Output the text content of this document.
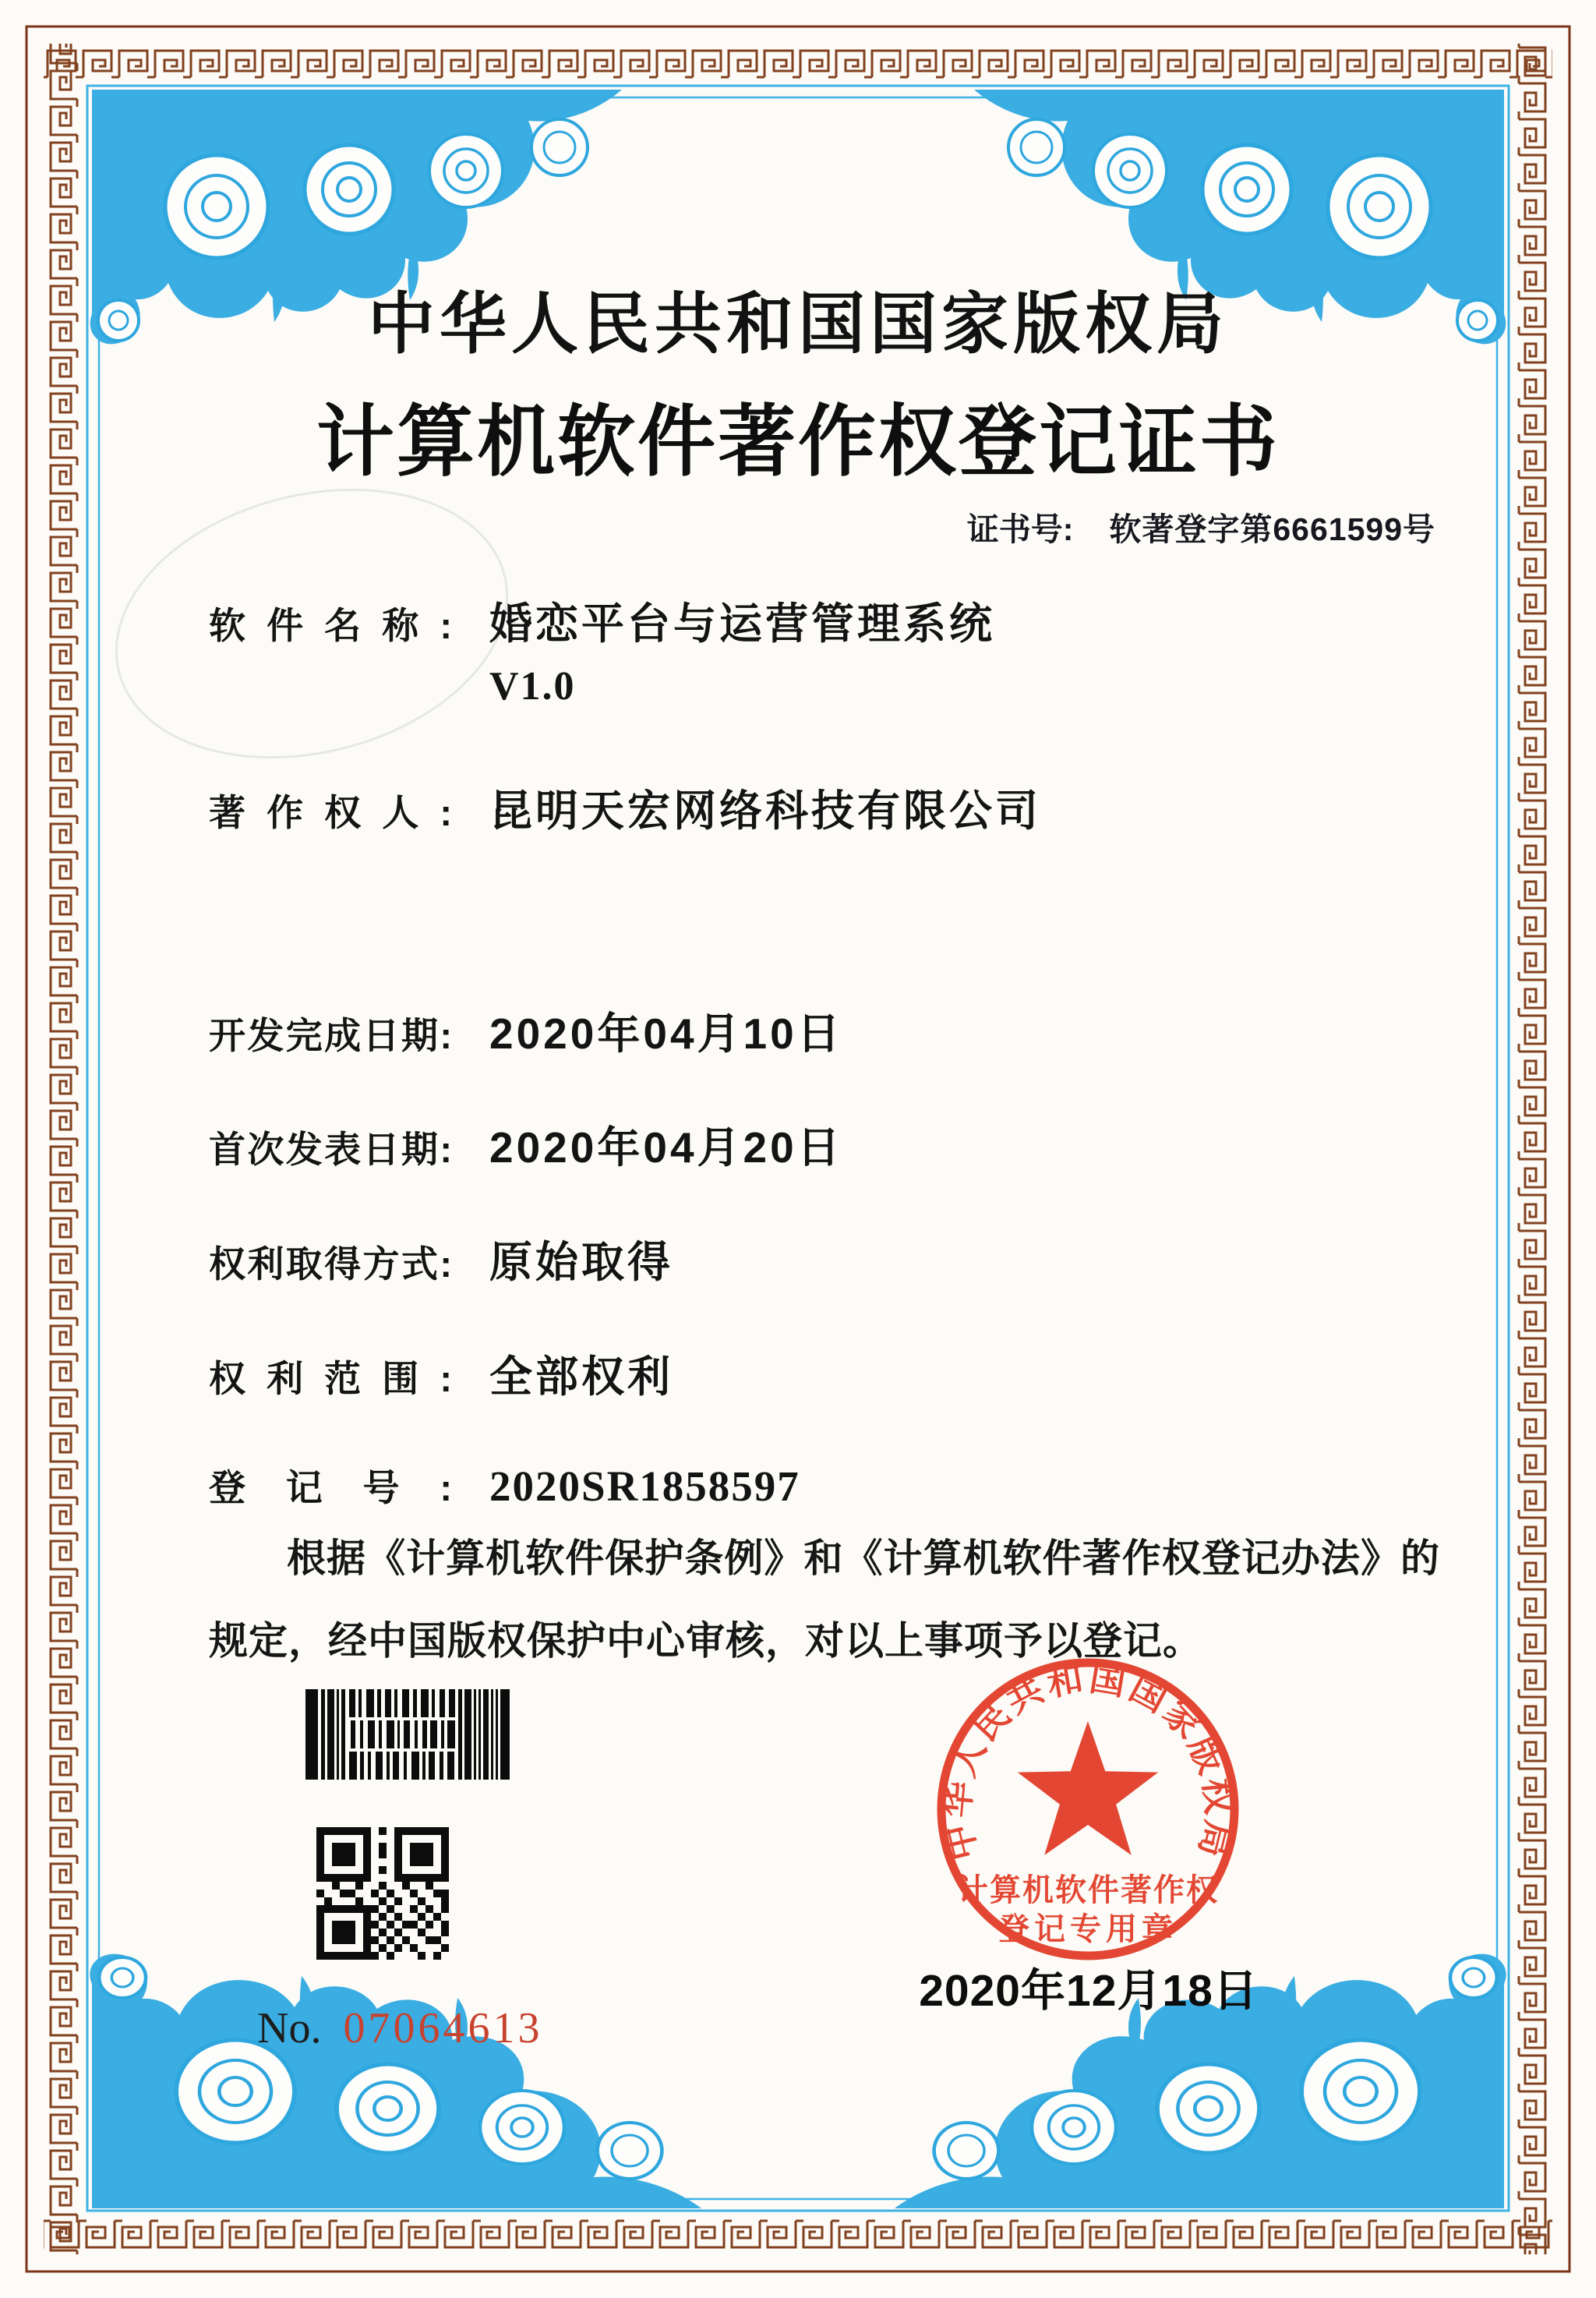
中华人民共和国国家版权局
计算机软件著作权登记证书
证书号: 软著登字第6661599号
软件名称: 婚恋平台与运营管理系统
V1.0
著作权人: 昆明天宏网络科技有限公司
开发完成日期: 2020年04月10日
首次发表日期: 2020年04月20日
权利取得方式: 原始取得
权利范围: 全部权利
登记号: 2020SR1858597
根据《计算机软件保护条例》和《计算机软件著作权登记办法》的规定，经中国版权保护中心审核，对以上事项予以登记。
No. 07064613
中华人民共和国国家版权局
计算机软件著作权
登记专用章
2020年12月18日
